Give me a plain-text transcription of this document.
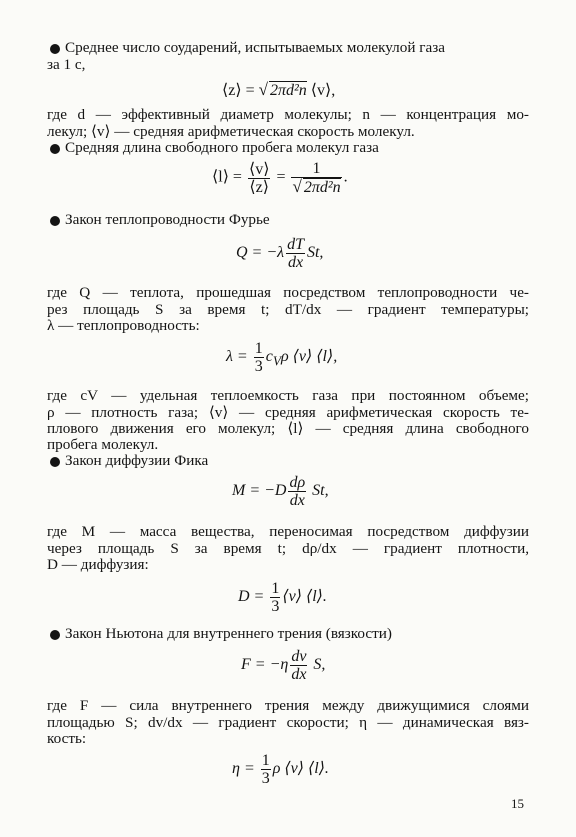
Среднее число соударений, испытываемых молекулой газа
за 1 с,
⟨z⟩ = √ 2πd²n ⟨v⟩,
где d — эффективный диаметр молекулы; n — концентрация мо-
лекул; ⟨v⟩ — средняя арифметическая скорость молекул.
Средняя длина свободного пробега молекул газа
⟨l⟩ = $\frac{⟨v⟩}{⟨z⟩} = \frac{1}{\text{√ 2πd²n}}$ .
Закон теплопроводности Фурье
$Q = -\lambda \frac{dT}{dx} St$,
где Q — теплота, прошедшая посредством теплопроводности че-
рез площадь S за время t; dT/dx — градиент температуры;
λ — теплопроводность:
$\lambda = \frac{1}{3} c_V\rho$ ⟨v⟩ ⟨l⟩,
где cV — удельная теплоемкость газа при постоянном объеме;
ρ — плотность газа; ⟨v⟩ — средняя арифметическая скорость те-
плового движения его молекул; ⟨l⟩ — средняя длина свободного
пробега молекул.
Закон диффузии Фика
$M = -D \frac{d\rho}{dx} St$,
где M — масса вещества, переносимая посредством диффузии
через площадь S за время t; dρ/dx — градиент плотности,
D — диффузия:
$D = \frac{1}{3}$ ⟨v⟩ ⟨l⟩.
Закон Ньютона для внутреннего трения (вязкости)
$F = -\eta \frac{dv}{dx} S$,
где F — сила внутреннего трения между движущимися слоями
площадью S; dv/dx — градиент скорости; η — динамическая вяз-
кость:
$\eta = \frac{1}{3}$ ρ ⟨v⟩ ⟨l⟩.
15
